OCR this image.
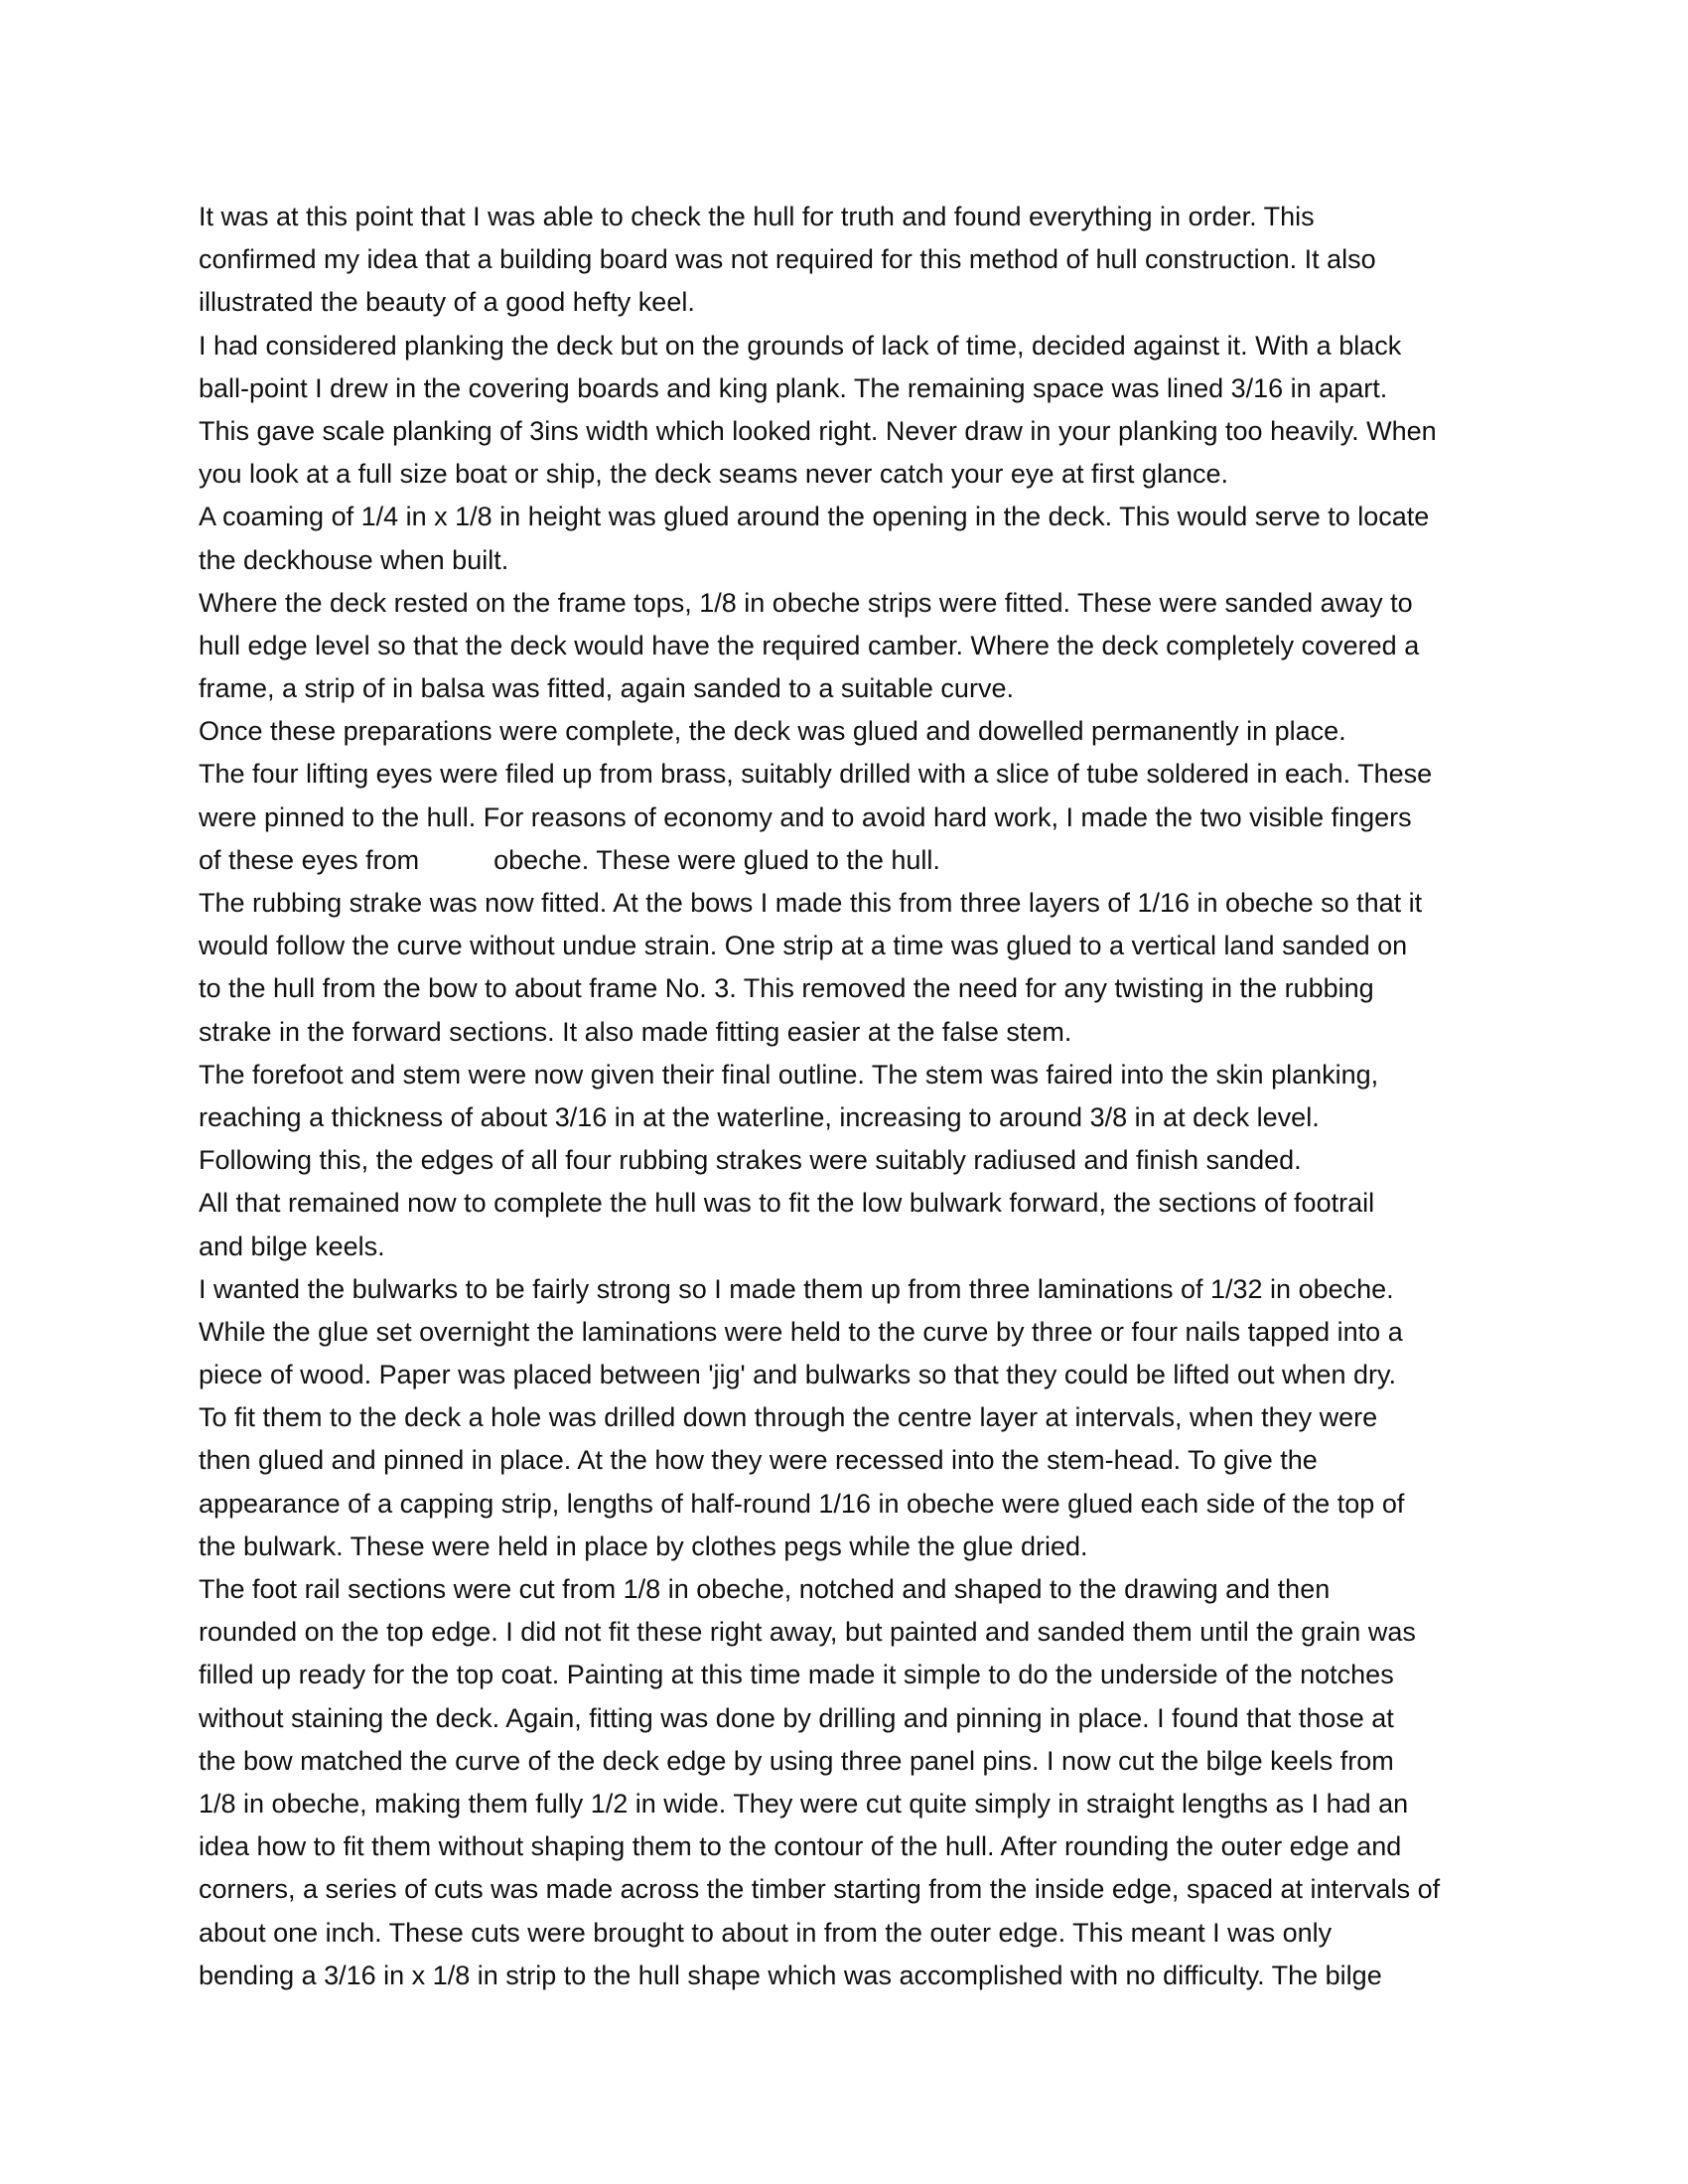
It was at this point that I was able to check the hull for truth and found everything in order. This
confirmed my idea that a building board was not required for this method of hull construction. It also
illustrated the beauty of a good hefty keel.
I had considered planking the deck but on the grounds of lack of time, decided against it. With a black
ball-point I drew in the covering boards and king plank. The remaining space was lined 3/16 in apart.
This gave scale planking of 3ins width which looked right. Never draw in your planking too heavily. When
you look at a full size boat or ship, the deck seams never catch your eye at first glance.
A coaming of 1/4 in x 1/8 in height was glued around the opening in the deck. This would serve to locate
the deckhouse when built.
Where the deck rested on the frame tops, 1/8 in obeche strips were fitted. These were sanded away to
hull edge level so that the deck would have the required camber. Where the deck completely covered a
frame, a strip of in balsa was fitted, again sanded to a suitable curve.
Once these preparations were complete, the deck was glued and dowelled permanently in place.
The four lifting eyes were filed up from brass, suitably drilled with a slice of tube soldered in each. These
were pinned to the hull. For reasons of economy and to avoid hard work, I made the two visible fingers
of these eyes from          obeche. These were glued to the hull.
The rubbing strake was now fitted. At the bows I made this from three layers of 1/16 in obeche so that it
would follow the curve without undue strain. One strip at a time was glued to a vertical land sanded on
to the hull from the bow to about frame No. 3. This removed the need for any twisting in the rubbing
strake in the forward sections. It also made fitting easier at the false stem.
The forefoot and stem were now given their final outline. The stem was faired into the skin planking,
reaching a thickness of about 3/16 in at the waterline, increasing to around 3/8 in at deck level.
Following this, the edges of all four rubbing strakes were suitably radiused and finish sanded.
All that remained now to complete the hull was to fit the low bulwark forward, the sections of footrail
and bilge keels.
I wanted the bulwarks to be fairly strong so I made them up from three laminations of 1/32 in obeche.
While the glue set overnight the laminations were held to the curve by three or four nails tapped into a
piece of wood. Paper was placed between 'jig' and bulwarks so that they could be lifted out when dry.
To fit them to the deck a hole was drilled down through the centre layer at intervals, when they were
then glued and pinned in place. At the how they were recessed into the stem-head. To give the
appearance of a capping strip, lengths of half-round 1/16 in obeche were glued each side of the top of
the bulwark. These were held in place by clothes pegs while the glue dried.
The foot rail sections were cut from 1/8 in obeche, notched and shaped to the drawing and then
rounded on the top edge. I did not fit these right away, but painted and sanded them until the grain was
filled up ready for the top coat. Painting at this time made it simple to do the underside of the notches
without staining the deck. Again, fitting was done by drilling and pinning in place. I found that those at
the bow matched the curve of the deck edge by using three panel pins. I now cut the bilge keels from
1/8 in obeche, making them fully 1/2 in wide. They were cut quite simply in straight lengths as I had an
idea how to fit them without shaping them to the contour of the hull. After rounding the outer edge and
corners, a series of cuts was made across the timber starting from the inside edge, spaced at intervals of
about one inch. These cuts were brought to about in from the outer edge. This meant I was only
bending a 3/16 in x 1/8 in strip to the hull shape which was accomplished with no difficulty. The bilge
